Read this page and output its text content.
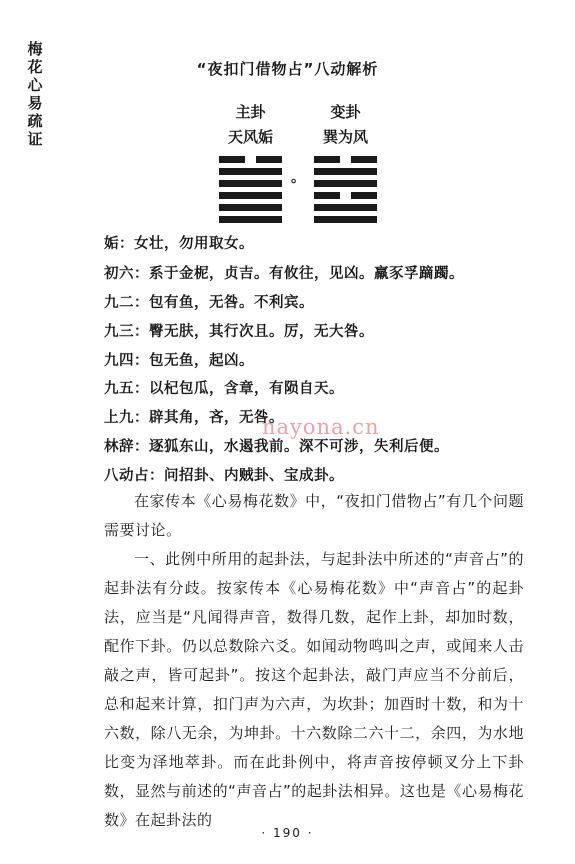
梅花心易疏证
“夜扣门借物占”八动解析
主卦	变卦
天风姤	巽为风
。
姤：女壮，勿用取女。
初六：系于金柅，贞吉。有攸往，见凶。羸豕孚蹢躅。
九二：包有鱼，无咎。不利宾。
九三：臀无肤，其行次且。厉，无大咎。
九四：包无鱼，起凶。
九五：以杞包瓜，含章，有陨自天。
上九：辟其角，吝，无咎。
林辞：逐狐东山，水遏我前。深不可涉，失利后便。
八动占：问招卦、内贼卦、宝成卦。

在家传本《心易梅花数》中，“夜扣门借物占”有几个问题需要讨论。

一、此例中所用的起卦法，与起卦法中所述的“声音占”的起卦法有分歧。按家传本《心易梅花数》中“声音占”的起卦法，应当是“凡闻得声音，数得几数，起作上卦，却加时数，配作下卦。仍以总数除六爻。如闻动物鸣叫之声，或闻来人击敲之声，皆可起卦”。按这个起卦法，敲门声应当不分前后，总和起来计算，扣门声为六声，为坎卦；加酉时十数，和为十六数，除八无余，为坤卦。十六数除二六十二，余四，为水地比变为泽地萃卦。而在此卦例中，将声音按停顿叉分上下卦数，显然与前述的“声音占”的起卦法相异。这也是《心易梅花数》在起卦法的

nayona.cn
· 190 ·
